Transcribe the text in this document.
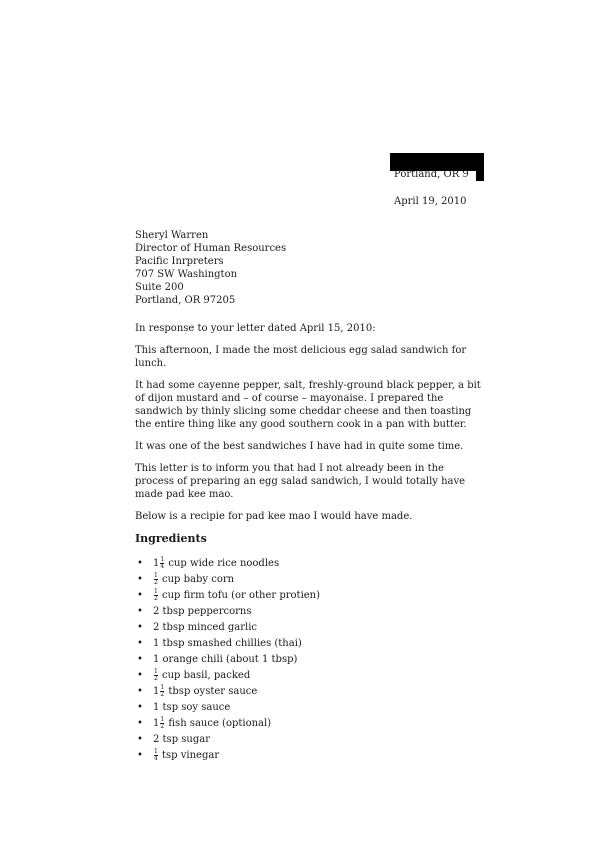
Portland, OR 9
April 19, 2010
Sheryl Warren
Director of Human Resources
Pacific Inrpreters
707 SW Washington
Suite 200
Portland, OR 97205

In response to your letter dated April 15, 2010:

This afternoon, I made the most delicious egg salad sandwich for lunch.

It had some cayenne pepper, salt, freshly-ground black pepper, a bit of dijon mustard and – of course – mayonaise. I prepared the sandwich by thinly slicing some cheddar cheese and then toasting the entire thing like any good southern cook in a pan with butter.

It was one of the best sandwiches I have had in quite some time.

This letter is to inform you that had I not already been in the process of preparing an egg salad sandwich, I would totally have made pad kee mao.

Below is a recipie for pad kee mao I would have made.

Ingredients
• $1 \frac{1}{4}$ cup wide rice noodles
• $\frac{1}{2}$ cup baby corn
• $\frac{1}{2}$ cup firm tofu (or other protien)
• 2 tbsp peppercorns
• 2 tbsp minced garlic
• 1 tbsp smashed chillies (thai)
• 1 orange chili (about 1 tbsp)
• $\frac{1}{2}$ cup basil, packed
• $1 \frac{1}{2}$ tbsp oyster sauce
• 1 tsp soy sauce
• $1 \frac{1}{2}$ fish sauce (optional)
• 2 tsp sugar
• $\frac{1}{4}$ tsp vinegar
